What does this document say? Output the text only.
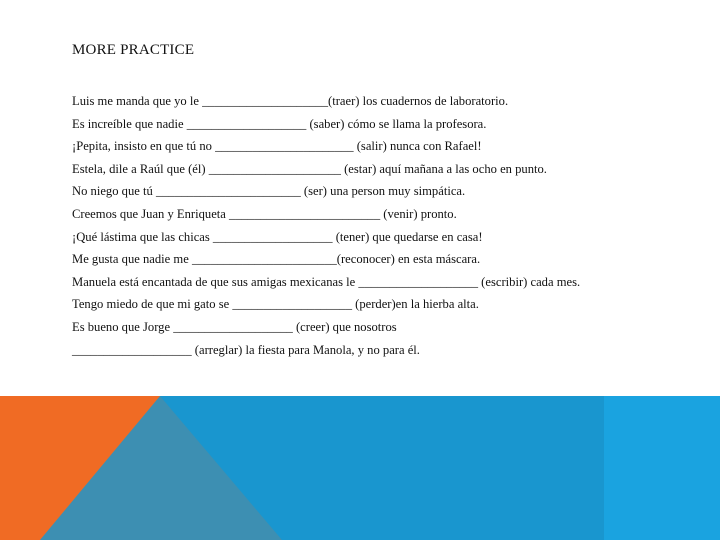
MORE PRACTICE
Luis me manda que yo le ____________________(traer) los cuadernos de laboratorio.
Es increíble que nadie ___________________ (saber) cómo se llama la profesora.
¡Pepita, insisto en que tú no ______________________ (salir) nunca con Rafael!
Estela, dile a Raúl que (él) _____________________ (estar) aquí mañana a las ocho en punto.
No niego que tú _______________________ (ser) una person muy simpática.
Creemos que Juan y Enriqueta ________________________ (venir) pronto.
¡Qué lástima que las chicas ___________________ (tener) que quedarse en casa!
Me gusta que nadie me _______________________(reconocer) en esta máscara.
Manuela está encantada de que sus amigas mexicanas le ___________________ (escribir) cada mes.
Tengo miedo de que mi gato se ___________________ (perder)en la hierba alta.
Es bueno que Jorge ___________________ (creer) que nosotros
___________________ (arreglar) la fiesta para Manola, y no para él.
